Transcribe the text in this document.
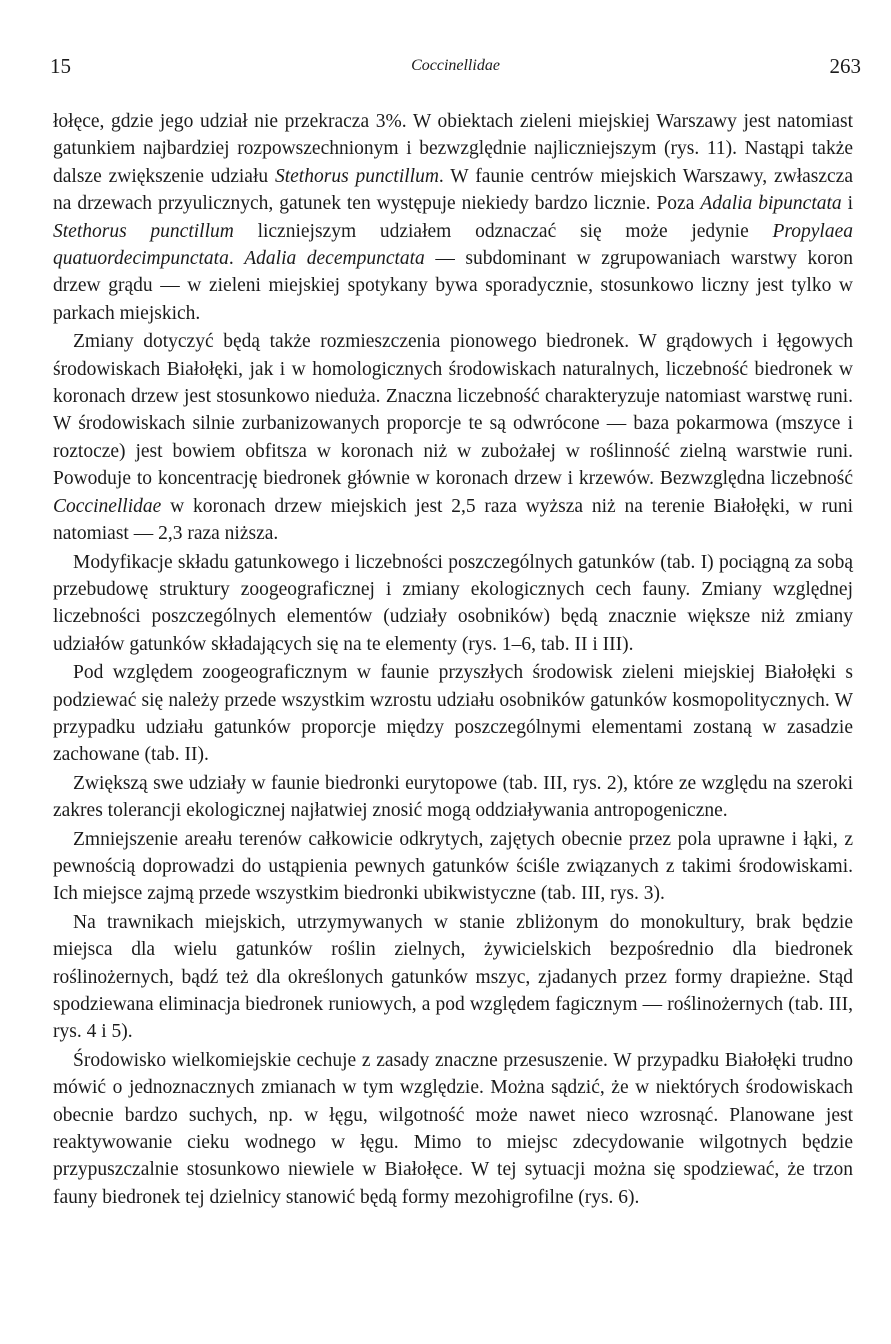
15	Coccinellidae	263

łołęce, gdzie jego udział nie przekracza 3%. W obiektach zieleni miejskiej Warszawy jest natomiast gatunkiem najbardziej rozpowszechnionym i bezwzględnie najliczniejszym (rys. 11). Nastąpi także dalsze zwiększenie udziału Stethorus punctillum. W faunie centrów miejskich Warszawy, zwłaszcza na drzewach przyulicznych, gatunek ten występuje niekiedy bardzo licznie. Poza Adalia bipunctata i Stethorus punctillum liczniejszym udziałem odznaczać się może jedynie Propylaea quatuordecimpunctata. Adalia decempunctata — subdominant w zgrupowaniach warstwy koron drzew grądu — w zieleni miejskiej spotykany bywa sporadycznie, stosunkowo liczny jest tylko w parkach miejskich.

Zmiany dotyczyć będą także rozmieszczenia pionowego biedronek. W grądowych i łęgowych środowiskach Białołęki, jak i w homologicznych środowiskach naturalnych, liczebność biedronek w koronach drzew jest stosunkowo nieduża. Znaczna liczebność charakteryzuje natomiast warstwę runi. W środowiskach silnie zurbanizowanych proporcje te są odwrócone — baza pokarmowa (mszyce i roztocze) jest bowiem obfitsza w koronach niż w zubożałej w roślinność zielną warstwie runi. Powoduje to koncentrację biedronek głównie w koronach drzew i krzewów. Bezwzględna liczebność Coccinellidae w koronach drzew miejskich jest 2,5 raza wyższa niż na terenie Białołęki, w runi natomiast — 2,3 raza niższa.

Modyfikacje składu gatunkowego i liczebności poszczególnych gatunków (tab. I) pociągną za sobą przebudowę struktury zoogeograficznej i zmiany ekologicznych cech fauny. Zmiany względnej liczebności poszczególnych elementów (udziały osobników) będą znacznie większe niż zmiany udziałów gatunków składających się na te elementy (rys. 1–6, tab. II i III).

Pod względem zoogeograficznym w faunie przyszłych środowisk zieleni miejskiej Białołęki s podziewać się należy przede wszystkim wzrostu udziału osobników gatunków kosmopolitycznych. W przypadku udziału gatunków proporcje między poszczególnymi elementami zostaną w zasadzie zachowane (tab. II).

Zwiększą swe udziały w faunie biedronki eurytopowe (tab. III, rys. 2), które ze względu na szeroki zakres tolerancji ekologicznej najłatwiej znosić mogą oddziaływania antropogeniczne.

Zmniejszenie areału terenów całkowicie odkrytych, zajętych obecnie przez pola uprawne i łąki, z pewnością doprowadzi do ustąpienia pewnych gatunków ściśle związanych z takimi środowiskami. Ich miejsce zajmą przede wszystkim biedronki ubikwistyczne (tab. III, rys. 3).

Na trawnikach miejskich, utrzymywanych w stanie zbliżonym do monokultury, brak będzie miejsca dla wielu gatunków roślin zielnych, żywicielskich bezpośrednio dla biedronek roślinożernych, bądź też dla określonych gatunków mszyc, zjadanych przez formy drapieżne. Stąd spodziewana eliminacja biedronek runiowych, a pod względem fagicznym — roślinożernych (tab. III, rys. 4 i 5).

Środowisko wielkomiejskie cechuje z zasady znaczne przesuszenie. W przypadku Białołęki trudno mówić o jednoznacznych zmianach w tym względzie. Można sądzić, że w niektórych środowiskach obecnie bardzo suchych, np. w łęgu, wilgotność może nawet nieco wzrosnąć. Planowane jest reaktywowanie cieku wodnego w łęgu. Mimo to miejsc zdecydowanie wilgotnych będzie przypuszczalnie stosunkowo niewiele w Białołęce. W tej sytuacji można się spodziewać, że trzon fauny biedronek tej dzielnicy stanowić będą formy mezohigrofilne (rys. 6).
